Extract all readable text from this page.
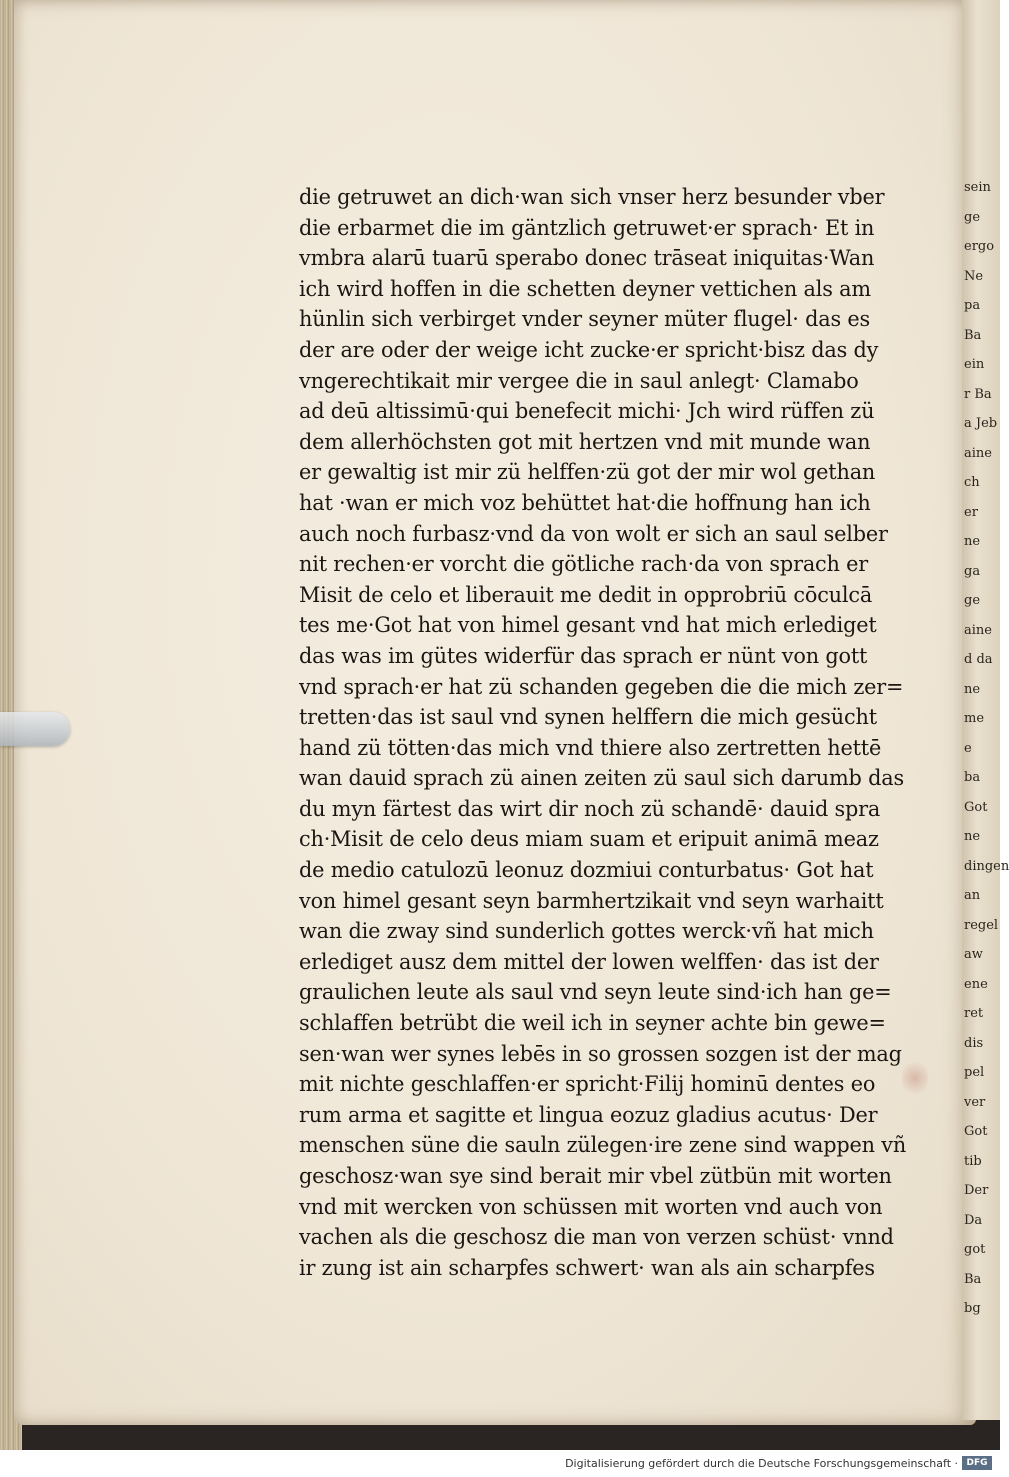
die getruwet an dich·wan sich vnser herz besunder vber
die erbarmet die im gäntzlich getruwet·er sprach· Et in
vmbra alarū tuarū sperabo donec trāseat iniquitas·Wan
ich wird hoffen in die schetten deyner vettichen als am
hünlin sich verbirget vnder seyner müter flugel· das es
der are oder der weige icht zucke·er spricht·bisz das dy
vngerechtikait mir vergee die in saul anlegt· Clamabo
ad deū altissimū·qui benefecit michi· Jch wird rüffen zü
dem allerhöchsten got mit hertzen vnd mit munde wan
er gewaltig ist mir zü helffen·zü got der mir wol gethan
hat ·wan er mich voz behüttet hat·die hoffnung han ich
auch noch furbasz·vnd da von wolt er sich an saul selber
nit rechen·er vorcht die götliche rach·da von sprach er
Misit de celo et liberauit me dedit in opprobriū cōculcā
tes me·Got hat von himel gesant vnd hat mich erlediget
das was im gütes widerfür das sprach er nünt von gott
vnd sprach·er hat zü schanden gegeben die die mich zer=
tretten·das ist saul vnd synen helffern die mich gesücht
hand zü tötten·das mich vnd thiere also zertretten hettē
wan dauid sprach zü ainen zeiten zü saul sich darumb das
du myn färtest das wirt dir noch zü schandē· dauid spra
ch·Misit de celo deus miam suam et eripuit animā meaz
de medio catulozū leonuz dozmiui conturbatus· Got hat
von himel gesant seyn barmhertzikait vnd seyn warhaitt
wan die zway sind sunderlich gottes werck·vñ hat mich
erlediget ausz dem mittel der lowen welffen· das ist der
graulichen leute als saul vnd seyn leute sind·ich han ge=
schlaffen betrübt die weil ich in seyner achte bin gewe=
sen·wan wer synes lebēs in so grossen sozgen ist der mag
mit nichte geschlaffen·er spricht·Filij hominū dentes eo
rum arma et sagitte et lingua eozuz gladius acutus· Der
menschen süne die sauln zülegen·ire zene sind wappen vñ
geschosz·wan sye sind berait mir vbel zütbün mit worten
vnd mit wercken von schüssen mit worten vnd auch von
vachen als die geschosz die man von verzen schüst· vnnd
ir zung ist ain scharpfes schwert· wan als ain scharpfes
sein
ge
ergo
Ne
pa
Ba
ein
r Ba
a Jeb
aine
ch
er
ne
ga
ge
aine
d da
ne
me
e
ba
Got
ne
dingen
an
regel
aw
ene
ret
dis
pel
ver
Got
tib
Der
Da
got
Ba
bg
Digitalisierung gefördert durch die Deutsche Forschungsgemeinschaft · DFG
